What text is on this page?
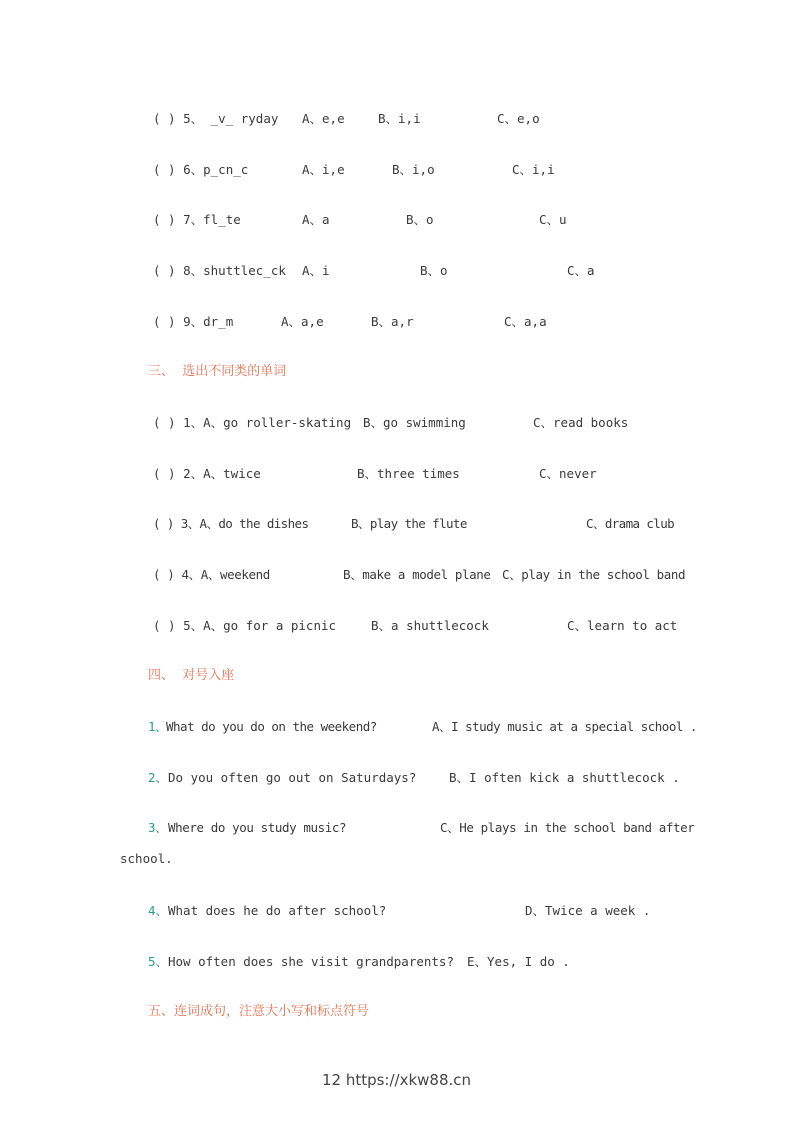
( ) 5、 _v_ ryday

A、e,e

	B、i,i

	C、e,o

( ) 6、p_cn_c

	A、i,e

	B、i,o

	C、i,i

( ) 7、fl_te

	A、a

	B、o

	C、u

( ) 8、shuttlec_ck

A、i

	B、o

	C、a

( ) 9、dr_m

	A、a,e

	B、a,r

	C、a,a

三、  选出不同类的单词

( ) 1、A、go roller-skating

B、go swimming

	C、read books

( ) 2、A、twice

	B、three times

	C、never

( ) 3、A、do the dishes

	B、play the flute

	C、drama club

( ) 4、A、weekend

	B、make a model plane

C、play in the school band

( ) 5、A、go for a picnic

	B、a shuttlecock

	C、learn to act

四、  对号入座

1、

What do you do on the weekend?

	A、I study music at a special school .

2、

Do you often go out on Saturdays?

	B、I often kick a shuttlecock .

3、

Where do you study music?

	C、He plays in the school band after

school.

4、

What does he do after school?

	D、Twice a week .

5、

How often does she visit grandparents?

E、Yes, I do .

五、连词成句，注意大小写和标点符号
12 https://xkw88.cn
